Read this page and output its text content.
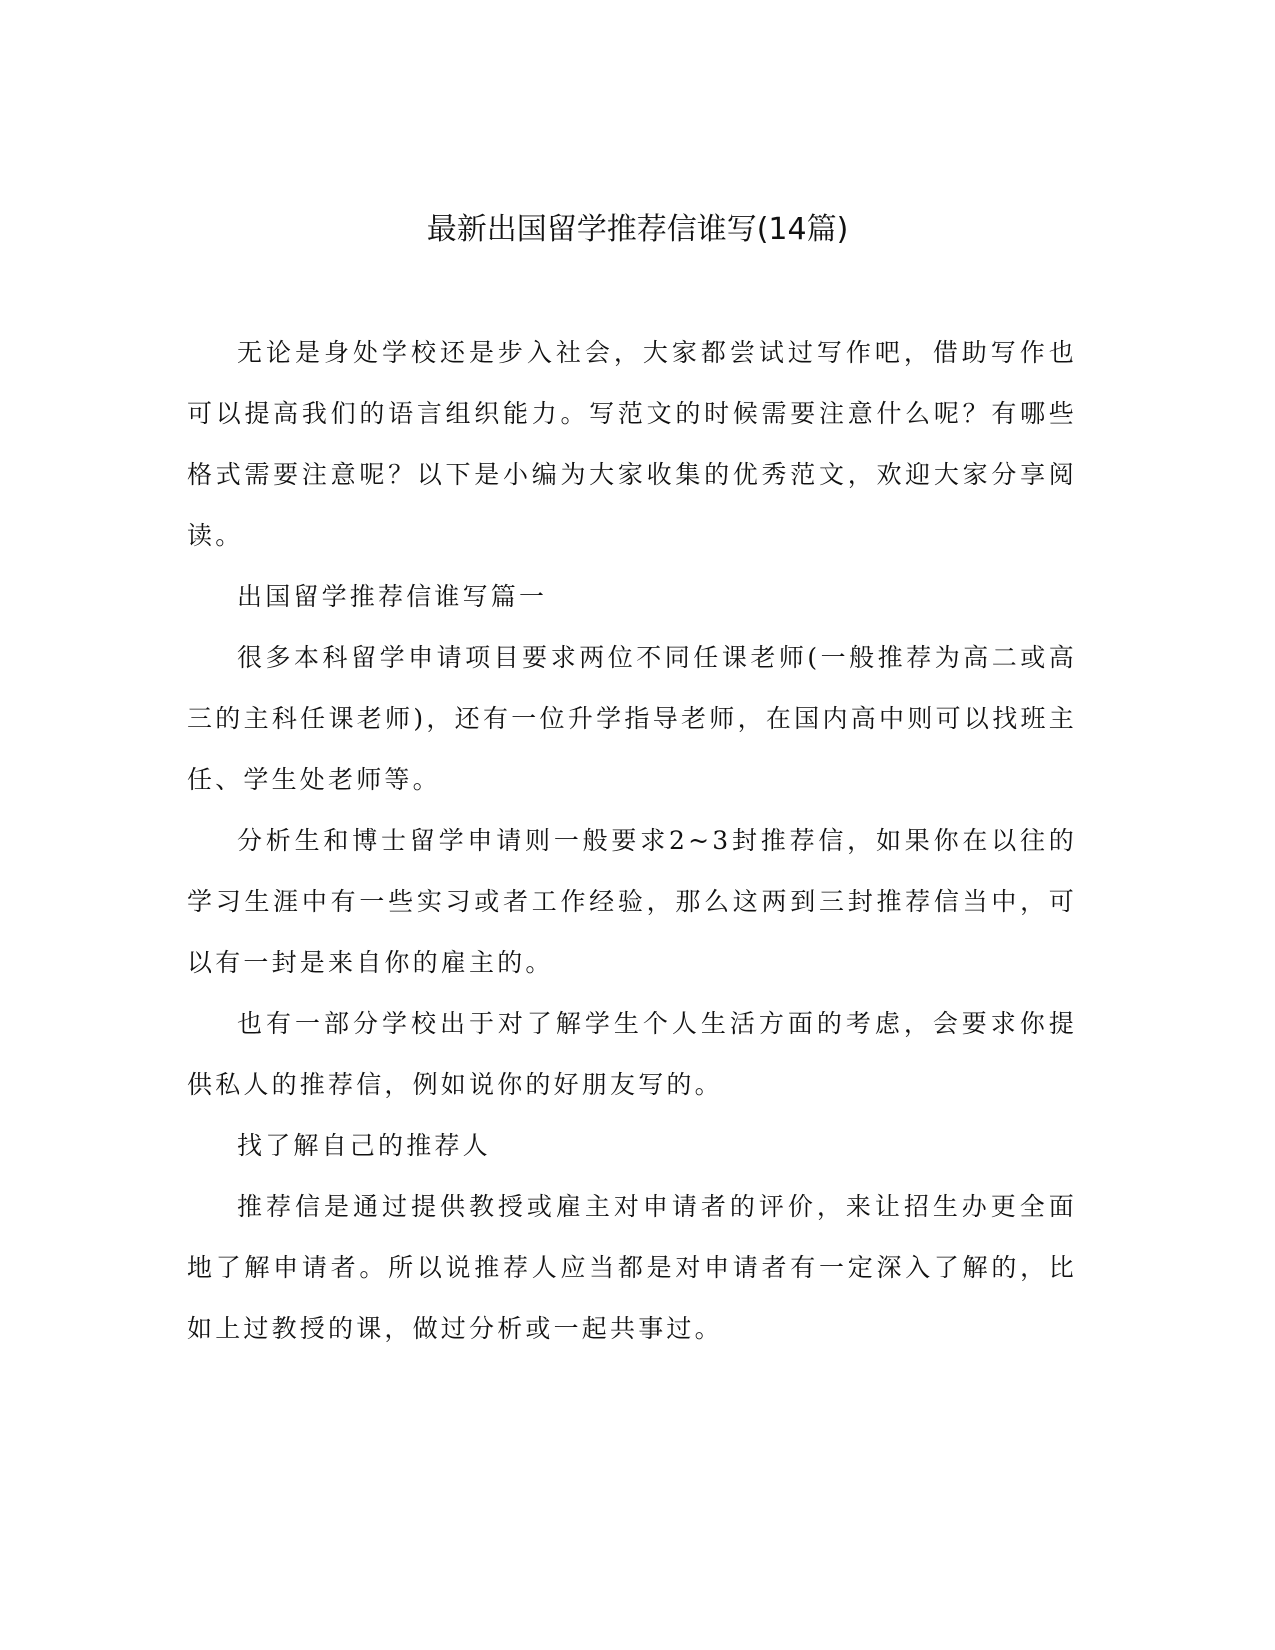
最新出国留学推荐信谁写(14篇)

无论是身处学校还是步入社会，大家都尝试过写作吧，借助写作也可以提高我们的语言组织能力。写范文的时候需要注意什么呢？有哪些格式需要注意呢？以下是小编为大家收集的优秀范文，欢迎大家分享阅读。

出国留学推荐信谁写篇一

很多本科留学申请项目要求两位不同任课老师(一般推荐为高二或高三的主科任课老师)，还有一位升学指导老师，在国内高中则可以找班主任、学生处老师等。

分析生和博士留学申请则一般要求2~3封推荐信，如果你在以往的学习生涯中有一些实习或者工作经验，那么这两到三封推荐信当中，可以有一封是来自你的雇主的。

也有一部分学校出于对了解学生个人生活方面的考虑，会要求你提供私人的推荐信，例如说你的好朋友写的。

找了解自己的推荐人

推荐信是通过提供教授或雇主对申请者的评价，来让招生办更全面地了解申请者。所以说推荐人应当都是对申请者有一定深入了解的，比如上过教授的课，做过分析或一起共事过。
